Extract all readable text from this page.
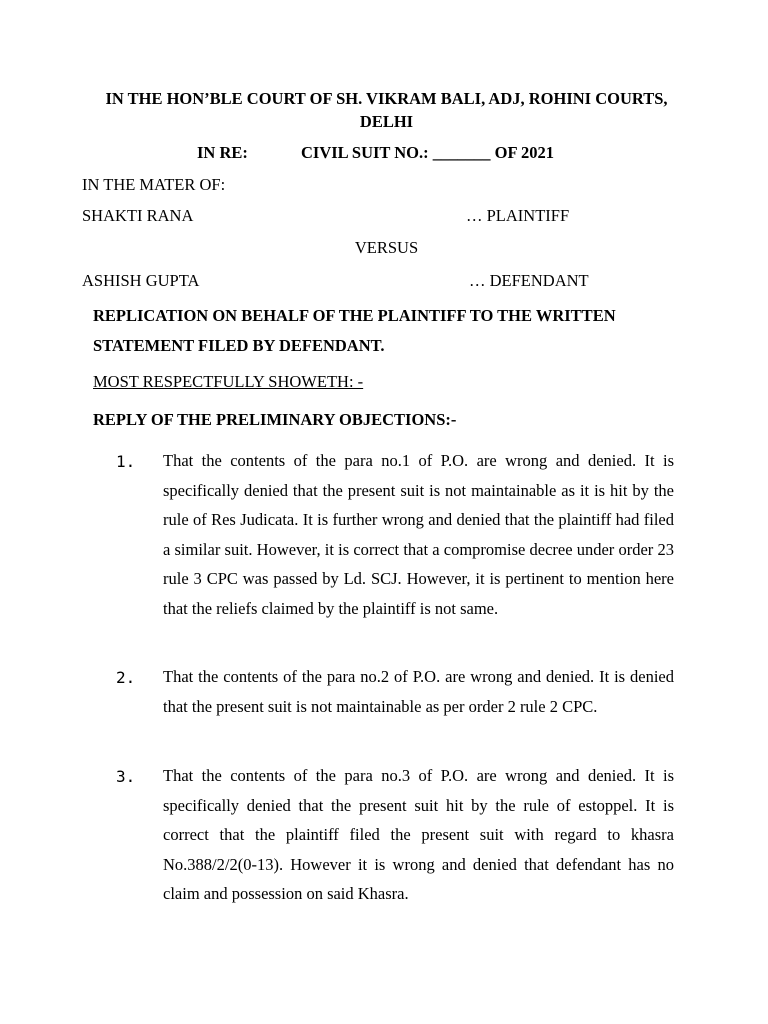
IN THE HON’BLE COURT OF SH. VIKRAM BALI, ADJ, ROHINI COURTS, DELHI
IN RE:	CIVIL SUIT NO.: _______ OF 2021
IN THE MATER OF:
SHAKTI RANA	… PLAINTIFF
VERSUS
ASHISH GUPTA	… DEFENDANT
REPLICATION ON BEHALF OF THE PLAINTIFF TO THE WRITTEN STATEMENT FILED BY DEFENDANT.
MOST RESPECTFULLY SHOWETH: -
REPLY OF THE PRELIMINARY OBJECTIONS:-
1. That the contents of the para no.1 of P.O. are wrong and denied. It is specifically denied that the present suit is not maintainable as it is hit by the rule of Res Judicata. It is further wrong and denied that the plaintiff had filed a similar suit. However, it is correct that a compromise decree under order 23 rule 3 CPC was passed by Ld. SCJ. However, it is pertinent to mention here that the reliefs claimed by the plaintiff is not same.
2. That the contents of the para no.2 of P.O. are wrong and denied. It is denied that the present suit is not maintainable as per order 2 rule 2 CPC.
3. That the contents of the para no.3 of P.O. are wrong and denied. It is specifically denied that the present suit hit by the rule of estoppel. It is correct that the plaintiff filed the present suit with regard to khasra No.388/2/2(0-13). However it is wrong and denied that defendant has no claim and possession on said Khasra.
